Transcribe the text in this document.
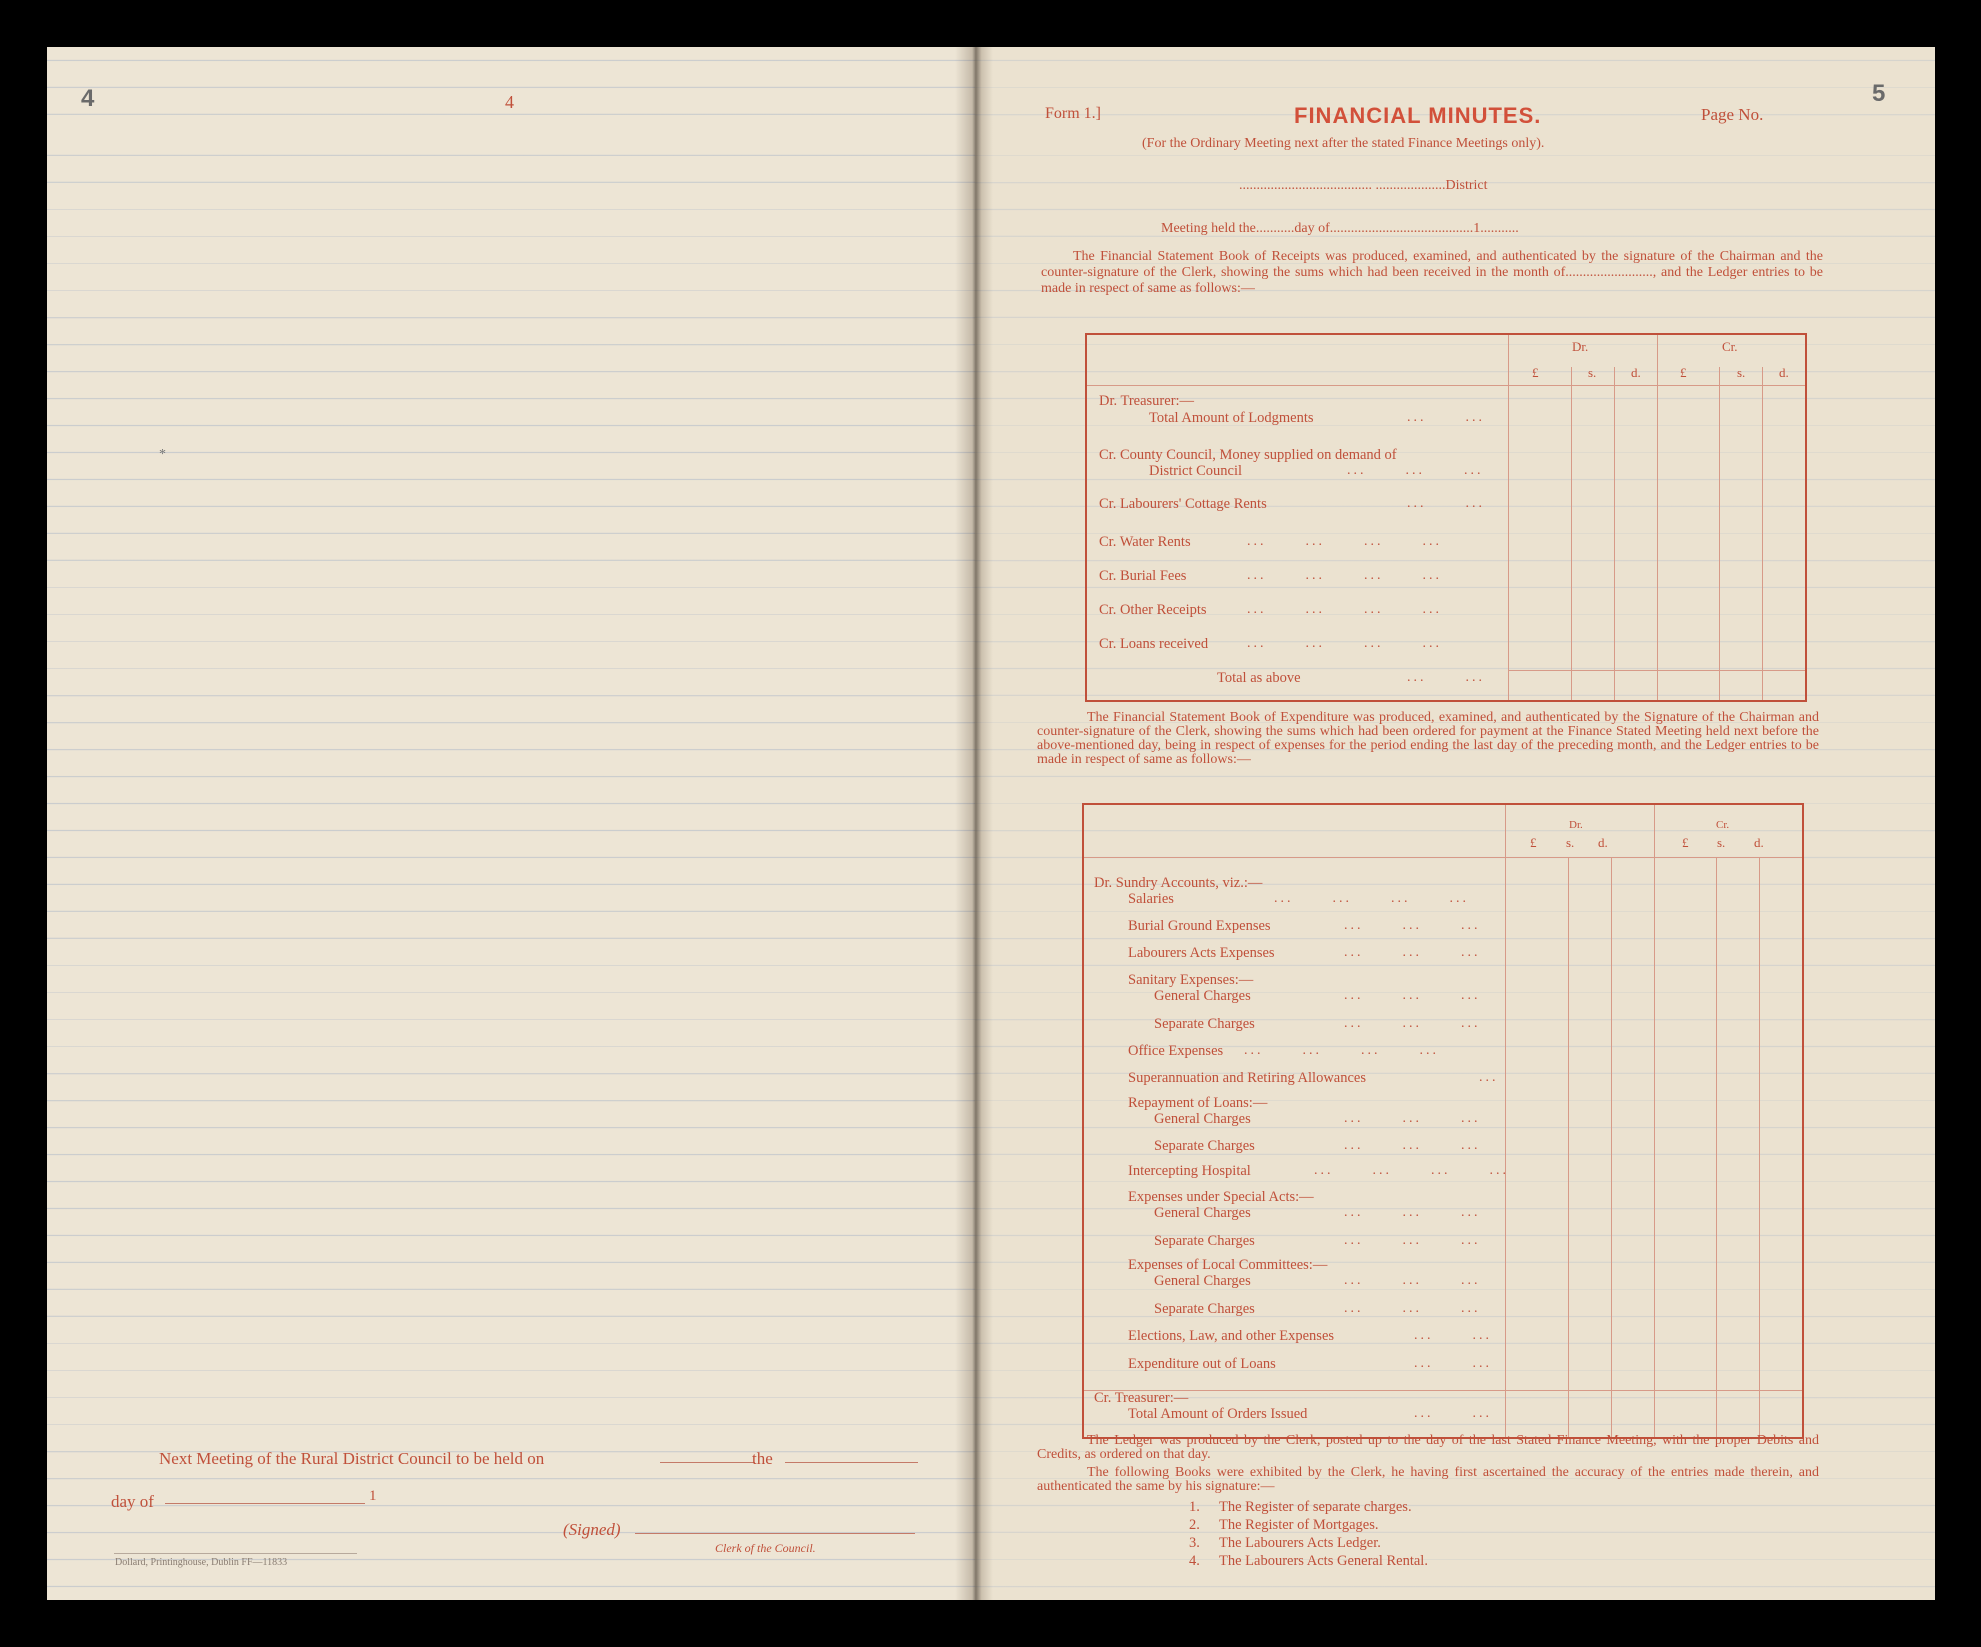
4	4
*
Next Meeting of the Rural District Council to be held on	the
day of	1
(Signed)
Clerk of the Council.
Dollard, Printinghouse, Dublin FF—11833
5
Form 1.]	FINANCIAL MINUTES.	Page No.
(For the Ordinary Meeting next after the stated Finance Meetings only).
...................................... ....................District
Meeting held the...........day of.........................................1...........
The Financial Statement Book of Receipts was produced, examined, and authenticated by the signature of the Chairman and the counter-signature of the Clerk, showing the sums which had been received in the month of........................., and the Ledger entries to be made in respect of same as follows:—
Dr.	Cr.
£	s.	d.	£	s.	d.
Dr. Treasurer:—
Total Amount of Lodgments	...      ...
Cr. County Council, Money supplied on demand of
District Council	...      ...      ...
Cr. Labourers' Cottage Rents	...      ...
Cr. Water Rents	...      ...      ...      ...
Cr. Burial Fees	...      ...      ...      ...
Cr. Other Receipts	...      ...      ...      ...
Cr. Loans received	...      ...      ...      ...
Total as above	...      ...
The Financial Statement Book of Expenditure was produced, examined, and authenticated by the Signature of the Chairman and counter-signature of the Clerk, showing the sums which had been ordered for payment at the Finance Stated Meeting held next before the above-mentioned day, being in respect of expenses for the period ending the last day of the preceding month, and the Ledger entries to be made in respect of same as follows:—
Dr.	Cr.
£ s. d.	£ s. d.
Dr. Sundry Accounts, viz.:—
Salaries	...      ...      ...      ...
Burial Ground Expenses	...      ...      ...
Labourers Acts Expenses	...      ...      ...
Sanitary Expenses:—
General Charges	...      ...      ...
Separate Charges	...      ...      ...
Office Expenses ...      ...      ...      ...
Superannuation and Retiring Allowances	...
Repayment of Loans:—
General Charges	...      ...      ...
Separate Charges	...      ...      ...
Intercepting Hospital	...      ...      ...      ...
Expenses under Special Acts:—
General Charges	...      ...      ...
Separate Charges	...      ...      ...
Expenses of Local Committees:—
General Charges	...      ...      ...
Separate Charges	...      ...      ...
Elections, Law, and other Expenses	...      ...
Expenditure out of Loans	...      ...
Cr. Treasurer:—
Total Amount of Orders Issued	...      ...
The Ledger was produced by the Clerk, posted up to the day of the last Stated Finance Meeting, with the proper Debits and Credits, as ordered on that day.
The following Books were exhibited by the Clerk, he having first ascertained the accuracy of the entries made therein, and authenticated the same by his signature:—
1. The Register of separate charges.
2. The Register of Mortgages.
3. The Labourers Acts Ledger.
4. The Labourers Acts General Rental.
